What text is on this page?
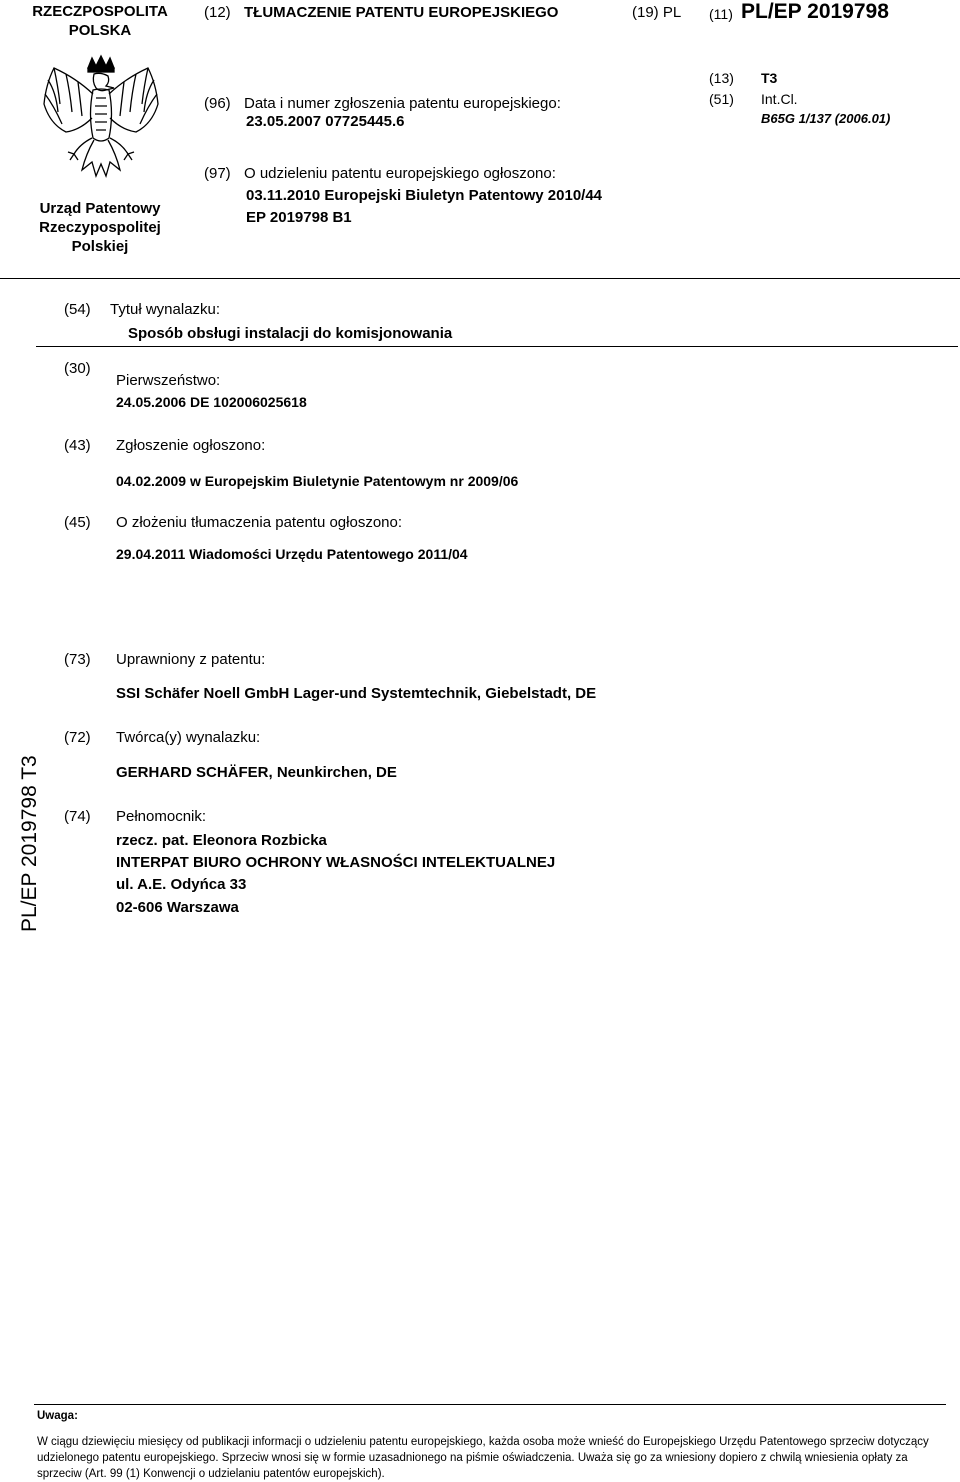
RZECZPOSPOLITA
POLSKA
(12) TŁUMACZENIE PATENTU EUROPEJSKIEGO	(19) PL (11) PL/EP 2019798
Urząd Patentowy
Rzeczypospolitej
Polskiej
(13) T3
(51) Int.Cl.
B65G 1/137 (2006.01)
(96) Data i numer zgłoszenia patentu europejskiego:
23.05.2007 07725445.6
(97) O udzieleniu patentu europejskiego ogłoszono:
03.11.2010 Europejski Biuletyn Patentowy 2010/44
EP 2019798 B1
(54) Tytuł wynalazku:
Sposób obsługi instalacji do komisjonowania
(30)
Pierwszeństwo:
24.05.2006 DE 102006025618
(43) Zgłoszenie ogłoszono:
04.02.2009 w Europejskim Biuletynie Patentowym nr 2009/06
(45) O złożeniu tłumaczenia patentu ogłoszono:
29.04.2011 Wiadomości Urzędu Patentowego 2011/04
(73) Uprawniony z patentu:
SSI Schäfer Noell GmbH Lager-und Systemtechnik, Giebelstadt, DE
PL/EP 2019798 T3
(72) Twórca(y) wynalazku:
GERHARD SCHÄFER, Neunkirchen, DE
(74) Pełnomocnik:
rzecz. pat. Eleonora Rozbicka
INTERPAT BIURO OCHRONY WŁASNOŚCI INTELEKTUALNEJ
ul. A.E. Odyńca 33
02-606 Warszawa
Uwaga:
W ciągu dziewięciu miesięcy od publikacji informacji o udzieleniu patentu europejskiego, każda osoba może wnieść do Europejskiego Urzędu Patentowego sprzeciw dotyczący udzielonego patentu europejskiego. Sprzeciw wnosi się w formie uzasadnionego na piśmie oświadczenia. Uważa się go za wniesiony dopiero z chwilą wniesienia opłaty za sprzeciw (Art. 99 (1) Konwencji o udzielaniu patentów europejskich).
